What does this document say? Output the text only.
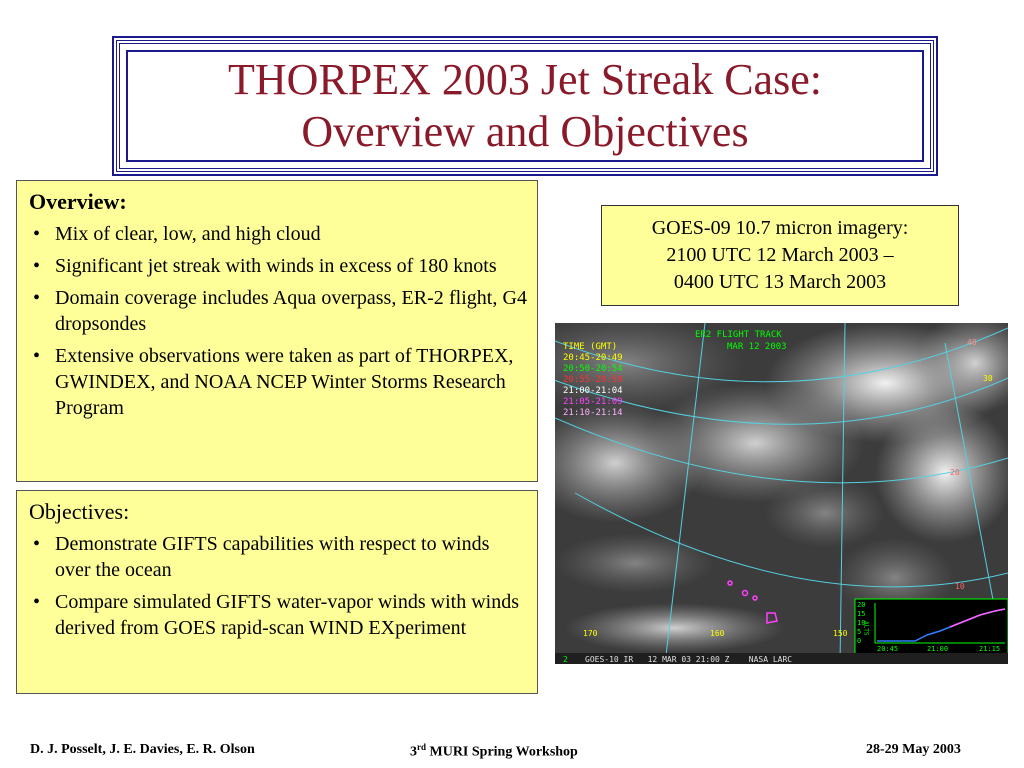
THORPEX 2003 Jet Streak Case:
Overview and Objectives
Overview:
• Mix of clear, low, and high cloud
• Significant jet streak with winds in excess of 180 knots
• Domain coverage includes Aqua overpass, ER-2 flight, G4 dropsondes
• Extensive observations were taken as part of THORPEX, GWINDEX, and NOAA NCEP Winter Storms Research Program
Objectives:
• Demonstrate GIFTS capabilities with respect to winds over the ocean
• Compare simulated GIFTS water-vapor winds with winds derived from GOES rapid-scan WIND EXperiment
GOES-09 10.7 micron imagery:
2100 UTC 12 March 2003 –
0400 UTC 13 March 2003
TIME (GMT)
20:45-20:49
20:50-20:54
20:55-20:59
21:00-21:04
21:05-21:09
21:10-21:14
ER2 FLIGHT TRACK
MAR 12 2003	40
30
20
10
170	160	150
20
15
10
5
0
20:45	21:00	21:15
ALTS
2 GOES-10 IR   12 MAR 03 21:00 Z    NASA LARC
D. J. Posselt, J. E. Davies, E. R. Olson	3rd MURI Spring Workshop	28-29 May 2003
